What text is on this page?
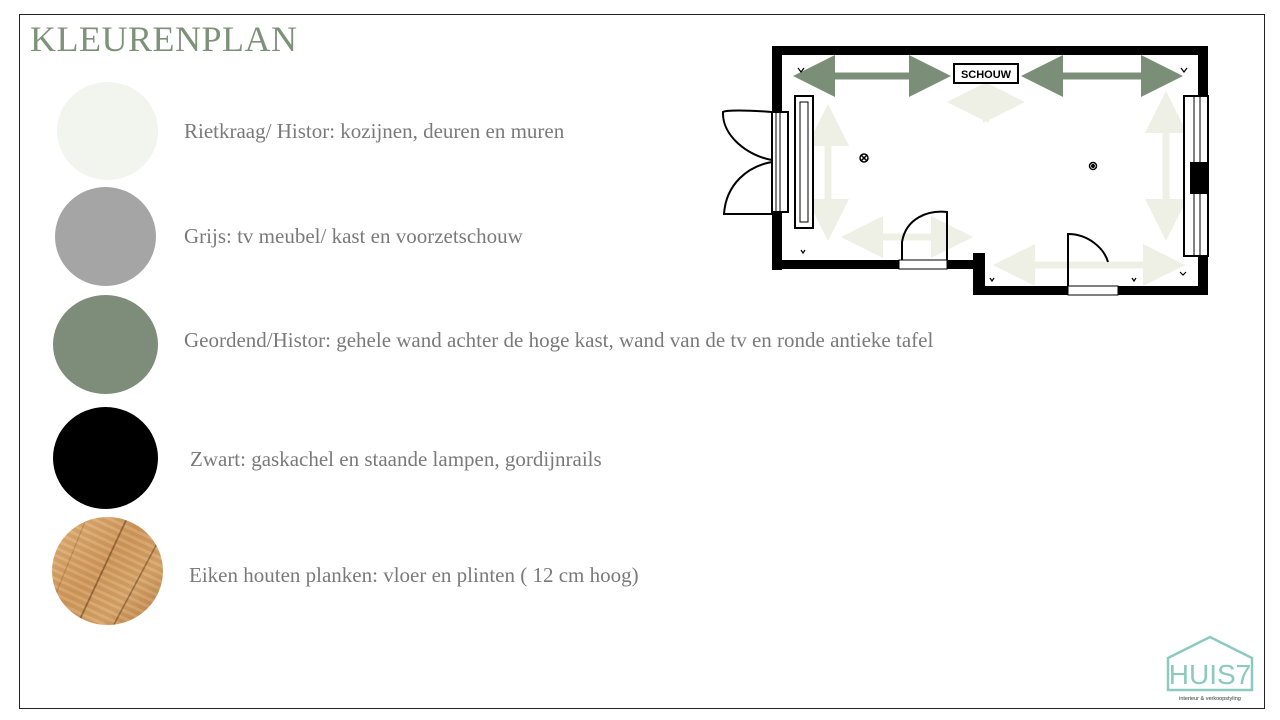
KLEURENPLAN
Rietkraag/ Histor: kozijnen, deuren en muren
Grijs: tv meubel/ kast en voorzetschouw
Geordend/Histor: gehele wand achter de hoge kast, wand van de tv en ronde antieke tafel
Zwart: gaskachel en staande lampen, gordijnrails
Eiken houten planken: vloer en plinten ( 12 cm hoog)
SCHOUW
HUIS7
interieur & verkoopstyling
